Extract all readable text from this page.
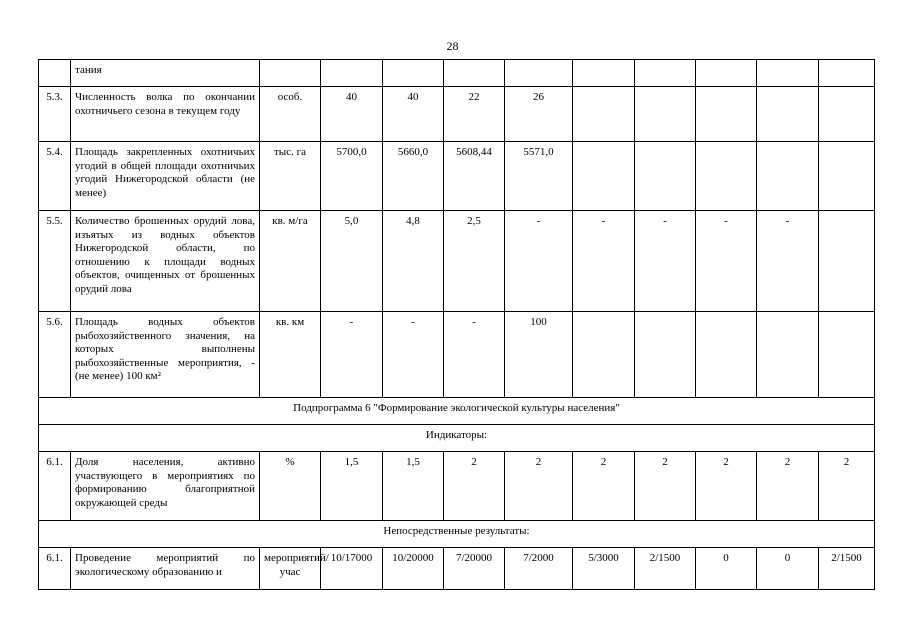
28
	тания										
5.3.	Численность волка по окончании охотничьего сезона в текущем году	особ.	40	40	22	26					
5.4.	Площадь закрепленных охотничьих угодий в общей площади охотничьих угодий Нижегородской области (не менее)	тыс. га	5700,0	5660,0	5608,44	5571,0					
5.5.	Количество брошенных орудий лова, изъятых из водных объектов Нижегородской области, по отношению к площади водных объектов, очищенных от брошенных орудий лова	кв. м/га	5,0	4,8	2,5	-	-	-	-	-	
5.6.	Площадь водных объектов рыбохозяйственного значения, на которых выполнены рыбохозяйственные мероприятия, - (не менее) 100 км²	кв. км	-	-	-	100					
Подпрограмма 6 "Формирование экологической культуры населения"											
Индикаторы:											
6.1.	Доля населения, активно участвующего в мероприятиях по формированию благоприятной окружающей среды	%	1,5	1,5	2	2	2	2	2	2	2
Непосредственные результаты:											
6.1.	Проведение мероприятий по экологическому образованию и	мероприятий/учас	10/17000	10/20000	7/20000	7/2000	5/3000	2/1500	0	0	2/1500
